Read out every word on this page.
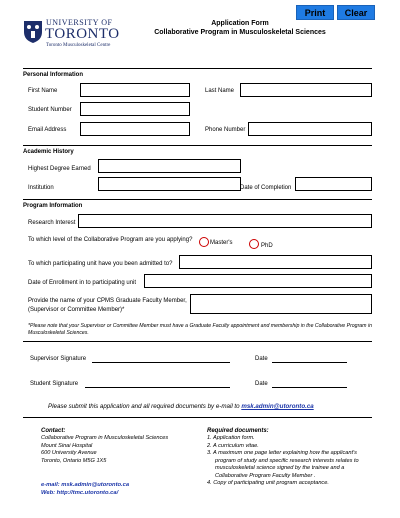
Print	Clear
UNIVERSITY OF
TORONTO
Toronto Musculoskeletal Centre
Application Form
Collaborative Program in Musculoskeletal Sciences
Personal Information
First Name	Last Name
Student Number
Email Address	Phone Number
Academic History
Highest Degree Earned
Institution	Date of Completion
Program Information
Research Interest
To which level of the Collaborative Program are you applying?	Master's	PhD
To which participating unit have you been admitted to?
Date of Enrollment in to participating unit
Provide the name of your CPMS Graduate Faculty Member,
(Supervisor or Committee Member)*
*Please note that your Supervisor or Committee Member must have a Graduate Faculty appointment and membership in the Collaborative Program in Musculoskeletal Sciences.
Supervisor Signature	Date
Student Signature	Date
Please submit this application and all required documents by e-mail to msk.admin@utoronto.ca
Contact:
Collaborative Program in Musculoskeletal Sciences
Mount Sinai Hospital
600 University Avenue
Toronto, Ontario M5G 1X5
e-mail: msk.admin@utoronto.ca
Web: http://tmc.utoronto.ca/
Required documents:
1. Application form.
2. A curriculum vitae.
3. A maximum one page letter explaining how the applicant's program of study and specific research interests relates to musculoskeletal science signed by the trainee and a Collaborative Program Faculty Member .
4. Copy of participating unit program acceptance.
